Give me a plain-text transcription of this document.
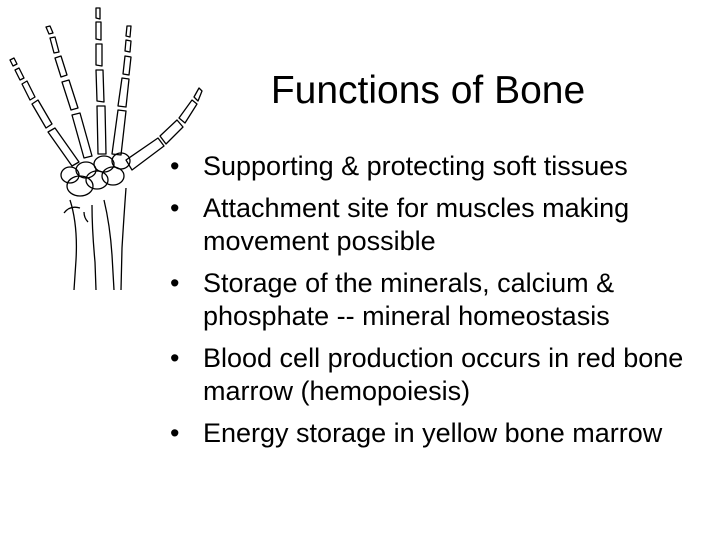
Functions of Bone
• Supporting & protecting soft tissues
• Attachment site for muscles making movement possible
• Storage of the minerals, calcium & phosphate -- mineral homeostasis
• Blood cell production occurs in red bone marrow (hemopoiesis)
• Energy storage in yellow bone marrow
